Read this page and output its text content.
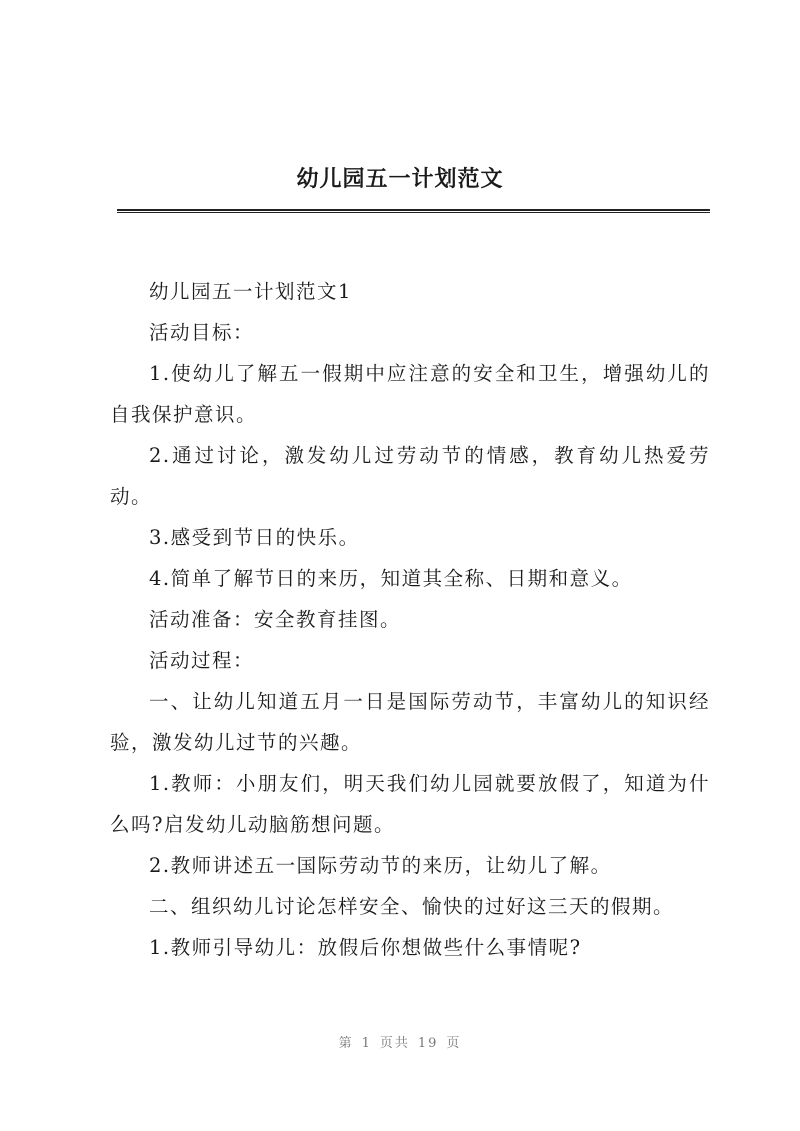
幼儿园五一计划范文

幼儿园五一计划范文1

活动目标：

1.使幼儿了解五一假期中应注意的安全和卫生，增强幼儿的自我保护意识。

2.通过讨论，激发幼儿过劳动节的情感，教育幼儿热爱劳动。

3.感受到节日的快乐。

4.简单了解节日的来历，知道其全称、日期和意义。

活动准备：安全教育挂图。

活动过程：

一、让幼儿知道五月一日是国际劳动节，丰富幼儿的知识经验，激发幼儿过节的兴趣。

1.教师：小朋友们，明天我们幼儿园就要放假了，知道为什么吗?启发幼儿动脑筋想问题。

2.教师讲述五一国际劳动节的来历，让幼儿了解。

二、组织幼儿讨论怎样安全、愉快的过好这三天的假期。

1.教师引导幼儿：放假后你想做些什么事情呢?

第 1 页共 19 页
